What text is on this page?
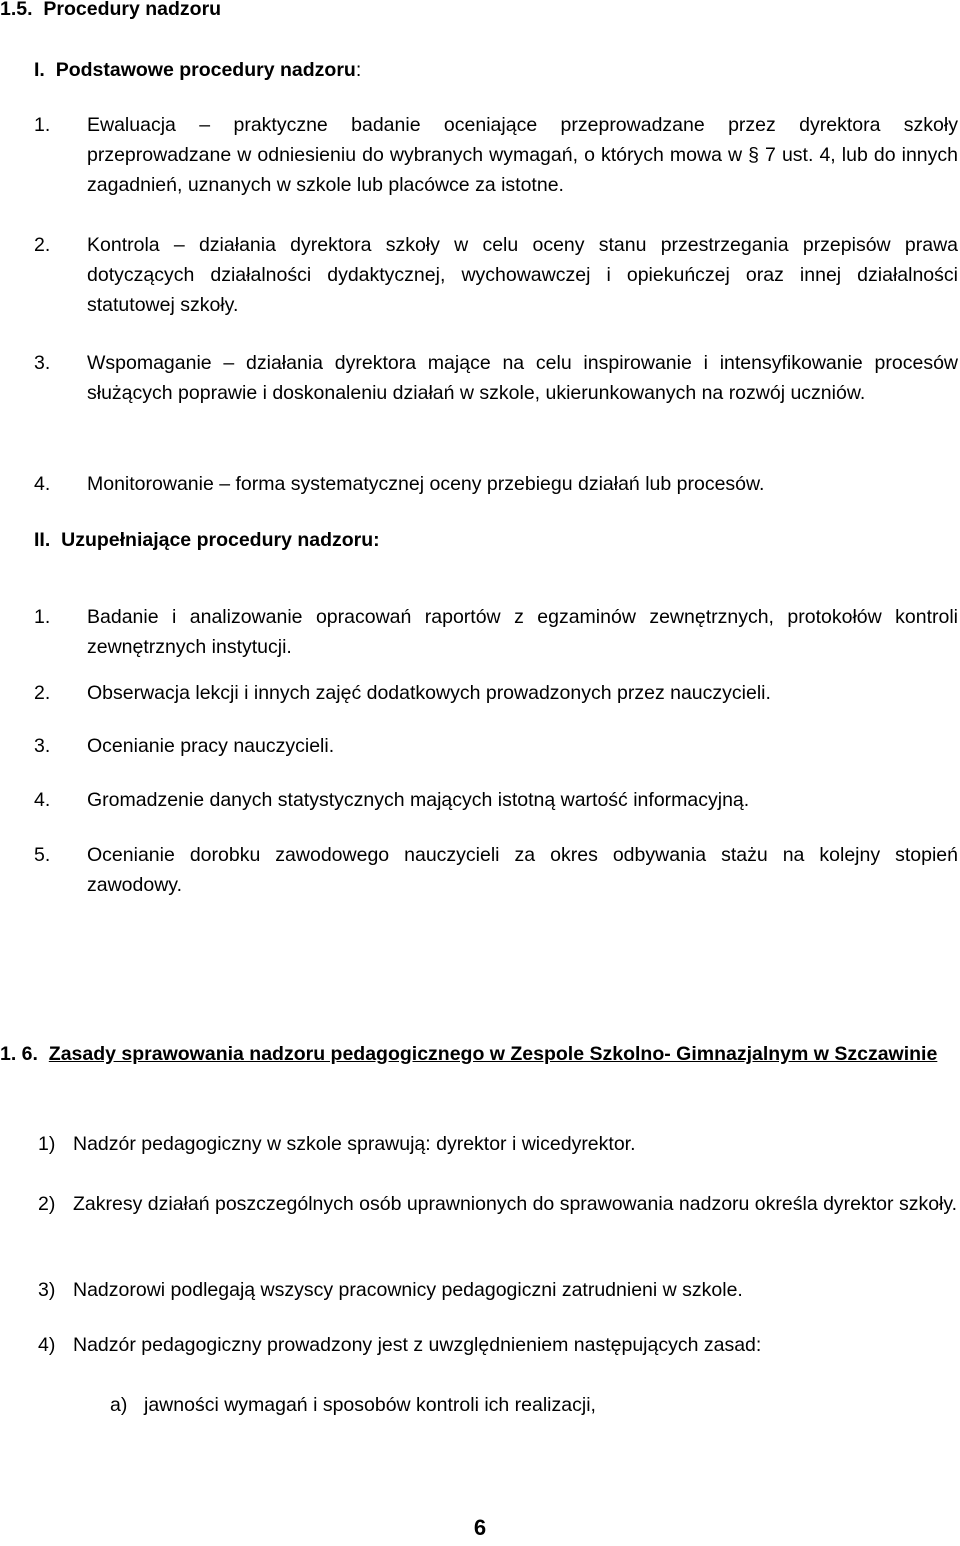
1.5. Procedury nadzoru
I. Podstawowe procedury nadzoru:
1. Ewaluacja – praktyczne badanie oceniające przeprowadzane przez dyrektora szkoły przeprowadzane w odniesieniu do wybranych wymagań, o których mowa w § 7 ust. 4, lub do innych zagadnień, uznanych w szkole lub placówce za istotne.
2. Kontrola – działania dyrektora szkoły w celu oceny stanu przestrzegania przepisów prawa dotyczących działalności dydaktycznej, wychowawczej i opiekuńczej oraz innej działalności statutowej szkoły.
3. Wspomaganie – działania dyrektora mające na celu inspirowanie i intensyfikowanie procesów służących poprawie i doskonaleniu działań w szkole, ukierunkowanych na rozwój uczniów.
4. Monitorowanie – forma systematycznej oceny przebiegu działań lub procesów.
II. Uzupełniające procedury nadzoru:
1. Badanie i analizowanie opracowań raportów z egzaminów zewnętrznych, protokołów kontroli zewnętrznych instytucji.
2. Obserwacja lekcji i innych zajęć dodatkowych prowadzonych przez nauczycieli.
3. Ocenianie pracy nauczycieli.
4. Gromadzenie danych statystycznych mających istotną wartość informacyjną.
5. Ocenianie dorobku zawodowego nauczycieli za okres odbywania stażu na kolejny stopień zawodowy.
1. 6. Zasady sprawowania nadzoru pedagogicznego w Zespole Szkolno- Gimnazjalnym w Szczawinie
1) Nadzór pedagogiczny w szkole sprawują: dyrektor i wicedyrektor.
2) Zakresy działań poszczególnych osób uprawnionych do sprawowania nadzoru określa dyrektor szkoły.
3) Nadzorowi podlegają wszyscy pracownicy pedagogiczni zatrudnieni w szkole.
4) Nadzór pedagogiczny prowadzony jest z uwzględnieniem następujących zasad:
a) jawności wymagań i sposobów kontroli ich realizacji,
6
